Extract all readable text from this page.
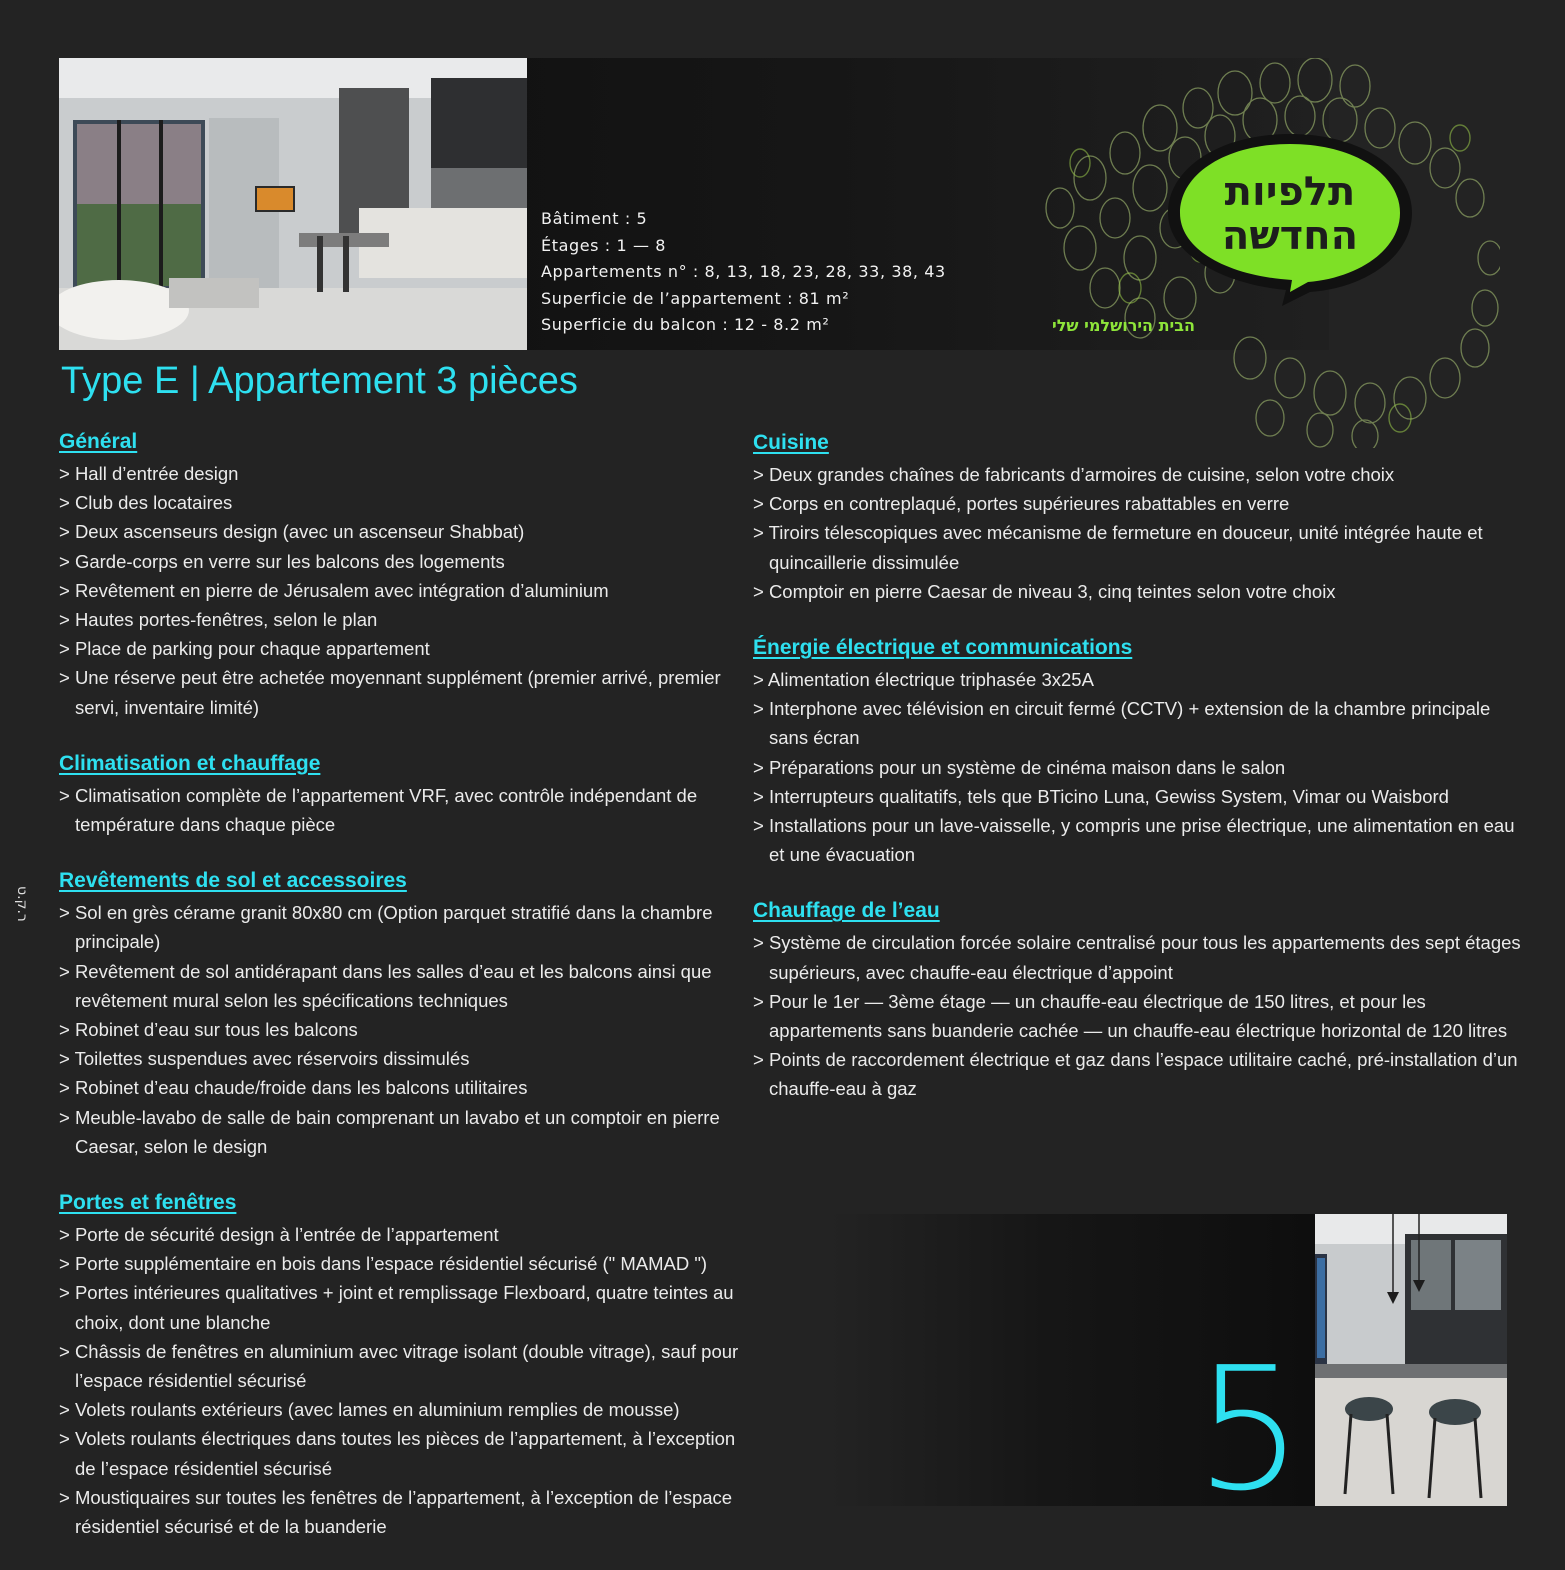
Bâtiment : 5
Étages : 1 — 8
Appartements n° : 8, 13, 18, 23, 28, 33, 38, 43
Superficie de l’appartement : 81 m²
Superficie du balcon : 12 - 8.2 m²
תלפיות
החדשה
הבית הירושלמי שלי
Type E | Appartement 3 pièces
Général
> Hall d’entrée design
> Club des locataires
> Deux ascenseurs design (avec un ascenseur Shabbat)
> Garde-corps en verre sur les balcons des logements
> Revêtement en pierre de Jérusalem avec intégration d’aluminium
> Hautes portes-fenêtres, selon le plan
> Place de parking pour chaque appartement
> Une réserve peut être achetée moyennant supplément (premier arrivé, premier servi, inventaire limité)
Climatisation et chauffage
> Climatisation complète de l’appartement VRF, avec contrôle indépendant de température dans chaque pièce
Revêtements de sol et accessoires
> Sol en grès cérame granit 80x80 cm (Option parquet stratifié dans la chambre principale)
> Revêtement de sol antidérapant dans les salles d’eau et les balcons ainsi que revêtement mural selon les spécifications techniques
> Robinet d’eau sur tous les balcons
> Toilettes suspendues avec réservoirs dissimulés
> Robinet d’eau chaude/froide dans les balcons utilitaires
> Meuble-lavabo de salle de bain comprenant un lavabo et un comptoir en pierre Caesar, selon le design
Portes et fenêtres
> Porte de sécurité design à l’entrée de l’appartement
> Porte supplémentaire en bois dans l’espace résidentiel sécurisé (" MAMAD ")
> Portes intérieures qualitatives + joint et remplissage Flexboard, quatre teintes au choix, dont une blanche
> Châssis de fenêtres en aluminium avec vitrage isolant (double vitrage), sauf pour l’espace résidentiel sécurisé
> Volets roulants extérieurs (avec lames en aluminium remplies de mousse)
> Volets roulants électriques dans toutes les pièces de l’appartement, à l’exception de l’espace résidentiel sécurisé
> Moustiquaires sur toutes les fenêtres de l’appartement, à l’exception de l’espace résidentiel sécurisé et de la buanderie
Cuisine
> Deux grandes chaînes de fabricants d’armoires de cuisine, selon votre choix
> Corps en contreplaqué, portes supérieures rabattables en verre
> Tiroirs télescopiques avec mécanisme de fermeture en douceur, unité intégrée haute et quincaillerie dissimulée
> Comptoir en pierre Caesar de niveau 3, cinq teintes selon votre choix
Énergie électrique et communications
> Alimentation électrique triphasée 3x25A
> Interphone avec télévision en circuit fermé (CCTV) + extension de la chambre principale sans écran
> Préparations pour un système de cinéma maison dans le salon
> Interrupteurs qualitatifs, tels que BTicino Luna, Gewiss System, Vimar ou Waisbord
> Installations pour un lave-vaisselle, y compris une prise électrique, une alimentation en eau et une évacuation
Chauffage de l’eau
> Système de circulation forcée solaire centralisé pour tous les appartements des sept étages supérieurs, avec chauffe-eau électrique d’appoint
> Pour le 1er — 3ème étage — un chauffe-eau électrique de 150 litres, et pour les appartements sans buanderie cachée — un chauffe-eau électrique horizontal de 120 litres
> Points de raccordement électrique et gaz dans l’espace utilitaire caché, pré-installation d’un chauffe-eau à gaz
5
ר.ק.ט
